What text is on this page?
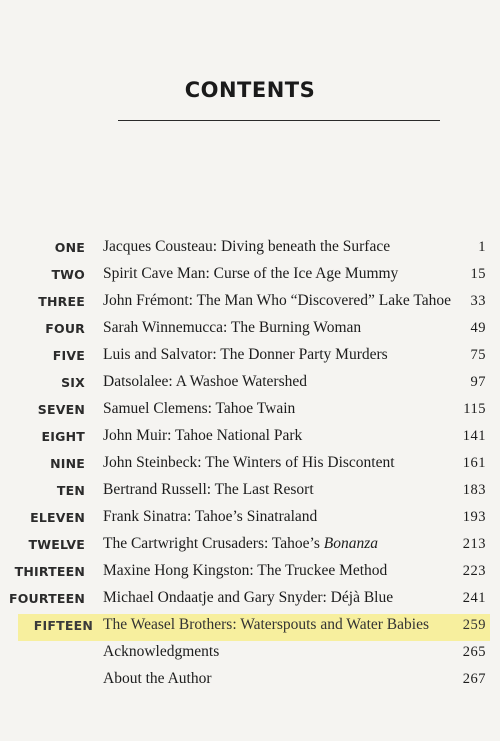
CONTENTS
ONE Jacques Cousteau: Diving beneath the Surface	1
TWO Spirit Cave Man: Curse of the Ice Age Mummy	15
THREE John Frémont: The Man Who “Discovered” Lake Tahoe 33
FOUR Sarah Winnemucca: The Burning Woman	49
FIVE Luis and Salvator: The Donner Party Murders	75
SIX Datsolalee: A Washoe Watershed	97
SEVEN Samuel Clemens: Tahoe Twain	115
EIGHT John Muir: Tahoe National Park	141
NINE John Steinbeck: The Winters of His Discontent	161
TEN Bertrand Russell: The Last Resort	183
ELEVEN Frank Sinatra: Tahoe’s Sinatraland	193
TWELVE The Cartwright Crusaders: Tahoe’s Bonanza	213
THIRTEEN Maxine Hong Kingston: The Truckee Method	223
FOURTEEN Michael Ondaatje and Gary Snyder: Déjà Blue	241
FIFTEEN The Weasel Brothers: Waterspouts and Water Babies 259
Acknowledgments	265
About the Author	267
